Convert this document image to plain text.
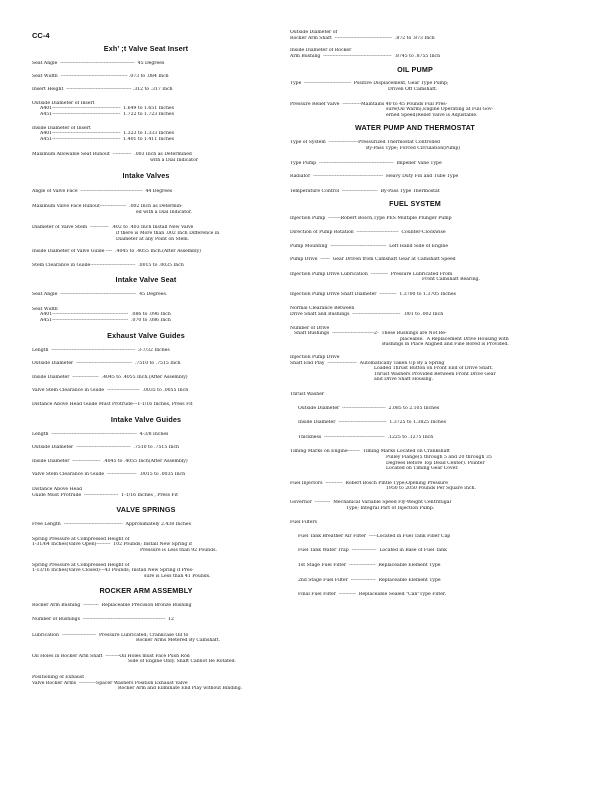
CC-4
Exh’ ;t Valve Seat Insert
Seat Angle  ------------------------------------------------  45 Degrees
Seat Width  ------------------------------------------- .073 to .084 Inch
Insert Height  ------------------------------------------ .312 to .317 Inch
Outside Diameter of Insert
A401--------------------------------------------  1.649 to 1.651 Inches
A451--------------------------------------------  1.722 to 1.723 Inches
Inside Diameter of Insert
A401--------------------------------------------  1.323 to 1.333 Inches
A451--------------------------------------------  1.401 to 1.411 Inches
Maximum Allowable Seat Runout  ------------  .003 Inch as Determined
with a Dial Indicator
Intake Valves
Angle of Valve Face  ----------------------------------------  44 Degrees
Maximum Valve Face Runout-----------------  .002 Inch as Determin-
ed with a Dial Indicator.
Diameter of Valve Stem  ------------  .402 to .403 Inch Install New Valve
if there is More than .002 Inch Difference in
Diameter at any Point on Stem.
Inside Diameter of Valve Guide ----  .4045 to .4055 Inch.(After Assembly)
Stem Clearance in Guide-----------------------------  .0015 to .0035 Inch
Intake Valve Seat
Seat Angle  -------------------------------------------------  45 Degrees.
Seat Width
A401-------------------------------------------------  .086 to .096 Inch
A451-------------------------------------------------  .070 to .086 Inch
Exhaust Valve Guides
Length  ------------------------------------------------------  3-7/32 Inches
Outside Diameter  ------------------------------------  .7510 to .7515 Inch
Inside Diameter  -----------------  .4045 to .4055 Inch.(After Assembly)
Valve Stem Clearance in Guide  ---------------------  .0035 to .0055 Inch
Distance Above Head Guide Must Protrude---1-1/16 Inches, Press Fit
Intake Valve Guides
Length  -------------------------------------------------------  4-3/8 Inches
Outside Diameter  -----------------------------------  .7510 to .7515 Inch
Inside Diameter  ------------------  .4045 to .4055 Inch(After Assembly)
Valve Stem Clearance in Guide  -------------------  .0015 to .0035 Inch
Distance Above Head
Guide Must Protrude  ----------------------  1-1/16 Inches , Press Fit
VALVE SPRINGS
Free Length  --------------------------------------  Approximately 2.438 Inches
Spring Pressure at Compressed Height of
1-31/64 Inches(Valve Open)---------  102 Pounds; Install New Spring if
Pressure is Less than 92 Pounds.
Spring Pressure at Compressed Height of
1-13/16 Inches(Valve Closed)---43 Pounds; Install New Spring if Pres-
sure is Less than 41 Pounds.
ROCKER ARM ASSEMBLY
Rocker Arm Bushing  ----------  Replaceable Precision Bronze Bushing
Number of Bushings  -----------------------------------------------------  12
Lubrication  ----------------------  Pressure Lubricated; Crankcase Oil to
Rocker Arms Metered By Camshaft.
Oil Holes in Rocker Arm Shaft  ---------Oil Holes must Face Push Rod
Side of Engine Only. Shaft Cannot Be Rotated.
Positioning of Exhaust
Valve Rocker Arms  -----------Spacer Washers Position Exhaust Valve
Rocker Arm and Eliminate End Play without Binding.
Outside Diameter of
Rocker Arm Shaft  -------------------------------------  .872 to .873 Inch
Inside Diameter of Rocker
Arm Bushing  --------------------------------------------  .8745 to .8755 Inch
OIL PUMP
Type  ------------------------------  Positive Displacement, Gear Type Pump;
Driven Off Camshaft.
Pressure Relief Valve  ------------Maintains 40 to 45 Pounds Full Pres-
sure(Oil Warm),Engine Operating at Full Gov-
erned Speed)Relief Valve is Adjustable.
WATER PUMP AND THERMOSTAT
Type of System  -------------------Pressurized Thermostat Controlled
By-Pass Type; Forced Circulation(Pump)
Type Pump  ------------------------------------------------  Impeller Vane Type
Radiator  ---------------------------------------------  Heavy Duty Fin and Tube Type
Temperature Control  -----------------------  By-Pass Type Thermostat
FUEL SYSTEM
Injection Pump  --------Robert Bosch,Type PES Multiple Plunger Pump
Direction of Pump Rotation  ---------------------------  Counter-Clockwise
Pump Mounting  ------------------------------------  Left Hand Side of Engine
Pump Drive  ------  Gear Driven from Camshaft Gear at Camshaft Speed
Injection Pump Drive Lubrication  -----------  Pressure Lubricated From
Front Camshaft Bearing.
Injection Pump Drive Shaft Diameter  -----------  1.3700 to 1.3705 Inches
Normal Clearance Between
Drive Shaft and Bushings  -------------------------------  .001 to .002 Inch
Number of Drive
Shaft Bushings  ---------------------------2-  These Bushings are Not Re-
placeable.  A Replacement Drive Housing with
Bushings in Place Aligned and Fine Bored is Provided.
Injection Pump Drive
Shaft End Play  -------------------  Automatically Taken Up By a Spring
Loaded Thrust Button on Front End of Drive Shaft.
Thrust Washers Provided Between Front Drive Gear
and Drive Shaft Housing.
Thrust Washer
Outside Diameter  ----------------------------  2.085 to 2.105 Inches
Inside Diameter  -------------------------------  1.3725 to 1.3825 Inches
Thickness  ---------------------------------------  .1225 to .1275 Inch
Timing Marks on Engine--------  Timing Marks Located on Crankshaft
Pulley Flange(5 through 5 and 20 through 35
Degrees Before Top Dead Center). Pointer
Located on Timing Gear Cover.
Fuel Injectors  -----------  Robert Bosch Pintle Type;Opening Pressure
1950 to 2050 Pounds Per Square Inch.
Governor  ----------  Mechanical Variable Speed Fly-Weight Centrifugal
Type; Integral Part of Injection Pump.
Fuel Filters
Fuel Tank Breather Air Filter  -----Located in Fuel Tank Filler Cap
Fuel Tank Water Trap  ----------------  Located in Base of Fuel Tank
1st Stage Fuel Filter  -----------------  Replaceable Element Type
2nd Stage Fuel Filter  ----------------  Replaceable Element Type
Final Fuel Filter  -----------  Replaceable Sealed "Can"Type Filter.
